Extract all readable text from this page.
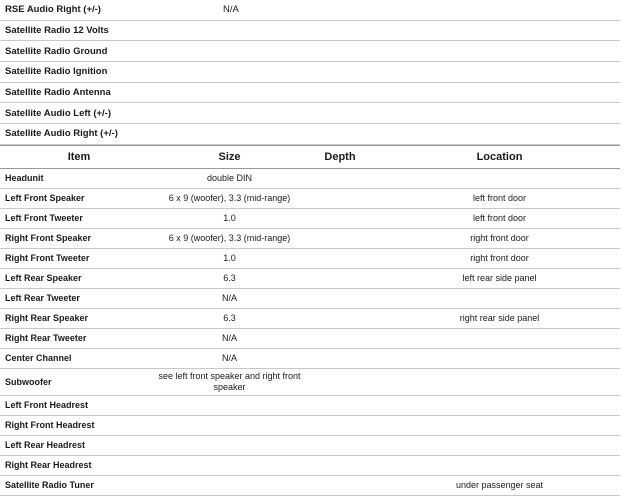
RSE Audio Right (+/-)	N/A
Satellite Radio 12 Volts	
Satellite Radio Ground	
Satellite Radio Ignition	
Satellite Radio Antenna	
Satellite Audio Left (+/-)	
Satellite Audio Right (+/-)	
Item	Size	Depth	Location
Headunit	double DIN		
Left Front Speaker	6 x 9 (woofer), 3.3 (mid-range)		left front door
Left Front Tweeter	1.0		left front door
Right Front Speaker	6 x 9 (woofer), 3.3 (mid-range)		right front door
Right Front Tweeter	1.0		right front door
Left Rear Speaker	6.3		left rear side panel
Left Rear Tweeter	N/A		
Right Rear Speaker	6.3		right rear side panel
Right Rear Tweeter	N/A		
Center Channel	N/A		
Subwoofer	see left front speaker and right front speaker		
Left Front Headrest			
Right Front Headrest			
Left Rear Headrest			
Right Rear Headrest			
Satellite Radio Tuner			under passenger seat
